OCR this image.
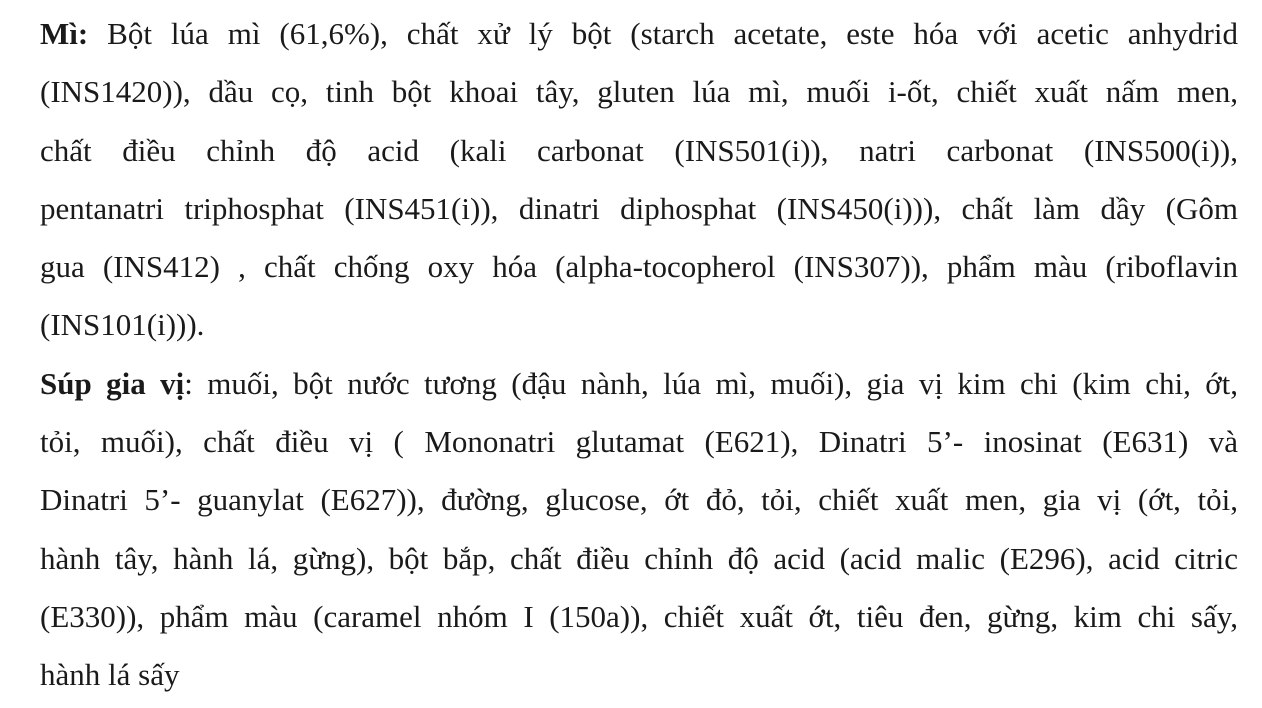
Mì: Bột lúa mì (61,6%), chất xử lý bột (starch acetate, este hóa với acetic anhydrid
(INS1420)), dầu cọ, tinh bột khoai tây, gluten lúa mì, muối i-ốt, chiết xuất nấm men,
chất điều chỉnh độ acid (kali carbonat (INS501(i)), natri carbonat (INS500(i)),
pentanatri triphosphat (INS451(i)), dinatri diphosphat (INS450(i))), chất làm dầy (Gôm
gua (INS412) , chất chống oxy hóa (alpha-tocopherol (INS307)), phẩm màu (riboflavin
(INS101(i))).
Súp gia vị: muối, bột nước tương (đậu nành, lúa mì, muối), gia vị kim chi (kim chi, ớt,
tỏi, muối), chất điều vị ( Mononatri glutamat (E621), Dinatri 5’- inosinat (E631) và
Dinatri 5’- guanylat (E627)), đường, glucose, ớt đỏ, tỏi, chiết xuất men, gia vị (ớt, tỏi,
hành tây, hành lá, gừng), bột bắp, chất điều chỉnh độ acid (acid malic (E296), acid citric
(E330)), phẩm màu (caramel nhóm I (150a)), chiết xuất ớt, tiêu đen, gừng, kim chi sấy,
hành lá sấy
